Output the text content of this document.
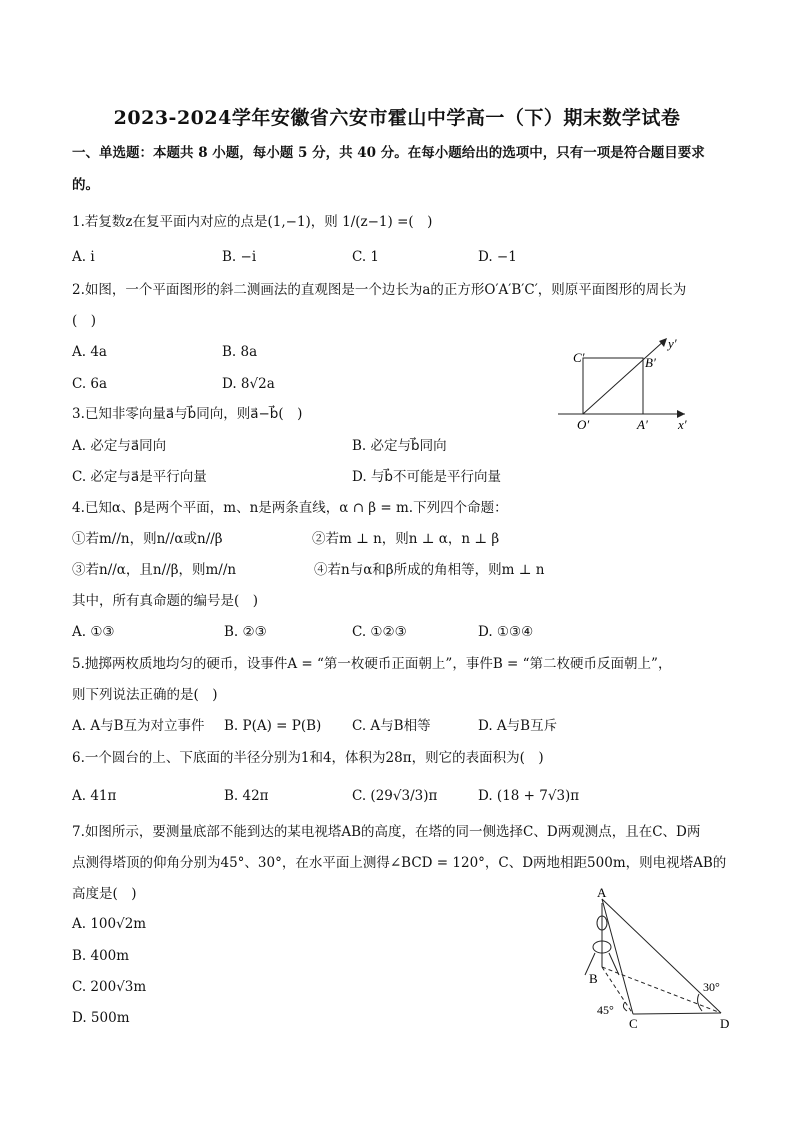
2023-2024学年安徽省六安市霍山中学高一（下）期末数学试卷
一、单选题：本题共 8 小题，每小题 5 分，共 40 分。在每小题给出的选项中，只有一项是符合题目要求
的。
1.若复数z在复平面内对应的点是(1,−1)，则 1/(z−1) =(　)
A. i	B. −i	C. 1	D. −1
2.如图，一个平面图形的斜二测画法的直观图是一个边长为a的正方形O′A′B′C′，则原平面图形的周长为
(　)
A. 4a	B. 8a
C. 6a	D. 8√2a
C′	B′
y′
O′	A′ x′
3.已知非零向量a⃗与b⃗同向，则a⃗−b⃗(　)
A. 必定与a⃗同向	B. 必定与b⃗同向
C. 必定与a⃗是平行向量	D. 与b⃗不可能是平行向量
4.已知α、β是两个平面，m、n是两条直线，α ∩ β = m.下列四个命题：
①若m//n，则n//α或n//β	②若m ⊥ n，则n ⊥ α，n ⊥ β
③若n//α，且n//β，则m//n	④若n与α和β所成的角相等，则m ⊥ n
其中，所有真命题的编号是(　)
A. ①③	B. ②③	C. ①②③	D. ①③④
5.抛掷两枚质地均匀的硬币，设事件A = “第一枚硬币正面朝上”，事件B = “第二枚硬币反面朝上”，
则下列说法正确的是(　)
A. A与B互为对立事件 B. P(A) = P(B) C. A与B相等	D. A与B互斥
6.一个圆台的上、下底面的半径分别为1和4，体积为28π，则它的表面积为(　)
A. 41π	B. 42π	C. (29√3/3)π	D. (18 + 7√3)π
7.如图所示，要测量底部不能到达的某电视塔AB的高度，在塔的同一侧选择C、D两观测点，且在C、D两
点测得塔顶的仰角分别为45°、30°，在水平面上测得∠BCD = 120°，C、D两地相距500m，则电视塔AB的
高度是(　)
A. 100√2m
B. 400m
C. 200√3m
D. 500m
A
B
C	D
45°
30°
